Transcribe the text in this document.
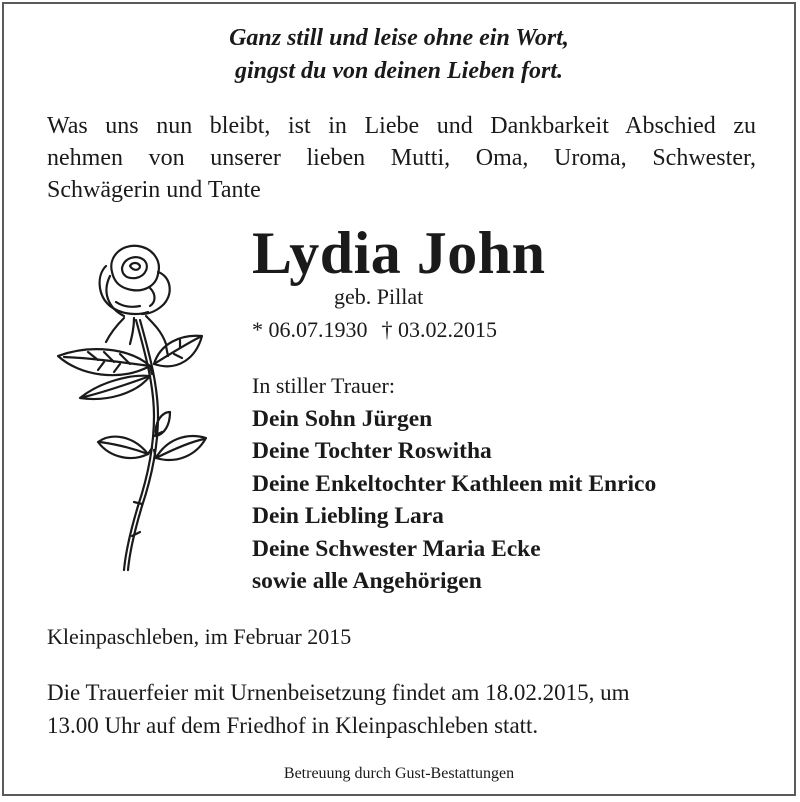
Ganz still und leise ohne ein Wort,
gingst du von deinen Lieben fort.
Was uns nun bleibt, ist in Liebe und Dankbarkeit Abschied zu
nehmen von unserer lieben Mutti, Oma, Uroma, Schwester,
Schwägerin und Tante
Lydia John
geb. Pillat
* 06.07.1930 † 03.02.2015
In stiller Trauer:
Dein Sohn Jürgen
Deine Tochter Roswitha
Deine Enkeltochter Kathleen mit Enrico
Dein Liebling Lara
Deine Schwester Maria Ecke
sowie alle Angehörigen
Kleinpaschleben, im Februar 2015
Die Trauerfeier mit Urnenbeisetzung findet am 18.02.2015, um
13.00 Uhr auf dem Friedhof in Kleinpaschleben statt.
Betreuung durch Gust-Bestattungen
